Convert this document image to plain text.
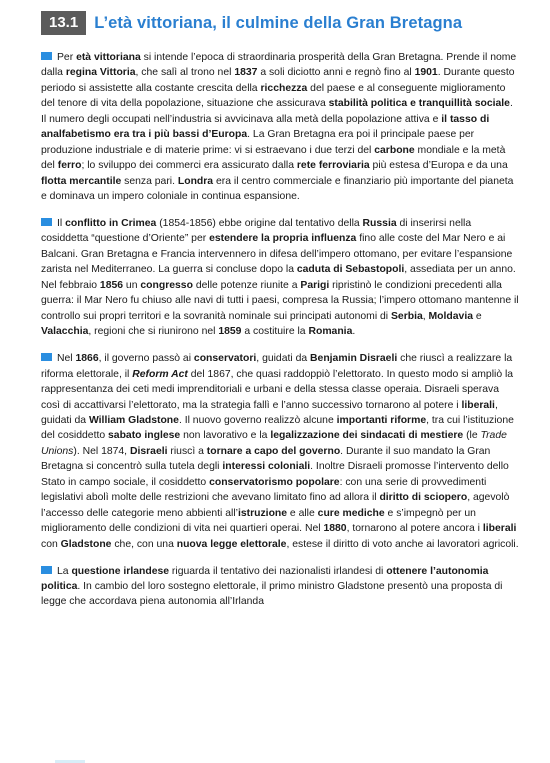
13.1 L’età vittoriana, il culmine della Gran Bretagna

Per età vittoriana si intende l’epoca di straordinaria prosperità della Gran Bretagna. Prende il nome dalla regina Vittoria, che salì al trono nel 1837 a soli diciotto anni e regnò fino al 1901. Durante questo periodo si assistette alla costante crescita della ricchezza del paese e al conseguente miglioramento del tenore di vita della popolazione, situazione che assicurava stabilità politica e tranquillità sociale. Il numero degli occupati nell’industria si avvicinava alla metà della popolazione attiva e il tasso di analfabetismo era tra i più bassi d’Europa. La Gran Bretagna era poi il principale paese per produzione industriale e di materie prime: vi si estraevano i due terzi del carbone mondiale e la metà del ferro; lo sviluppo dei commerci era assicurato dalla rete ferroviaria più estesa d’Europa e da una flotta mercantile senza pari. Londra era il centro commerciale e finanziario più importante del pianeta e dominava un impero coloniale in continua espansione.

Il conflitto in Crimea (1854-1856) ebbe origine dal tentativo della Russia di inserirsi nella cosiddetta “questione d’Oriente” per estendere la propria influenza fino alle coste del Mar Nero e ai Balcani. Gran Bretagna e Francia intervennero in difesa dell’impero ottomano, per evitare l’espansione zarista nel Mediterraneo. La guerra si concluse dopo la caduta di Sebastopoli, assediata per un anno. Nel febbraio 1856 un congresso delle potenze riunite a Parigi ripristinò le condizioni precedenti alla guerra: il Mar Nero fu chiuso alle navi di tutti i paesi, compresa la Russia; l’impero ottomano mantenne il controllo sui propri territori e la sovranità nominale sui principati autonomi di Serbia, Moldavia e Valacchia, regioni che si riunirono nel 1859 a costituire la Romania.

Nel 1866, il governo passò ai conservatori, guidati da Benjamin Disraeli che riuscì a realizzare la riforma elettorale, il Reform Act del 1867, che quasi raddoppiò l’elettorato. In questo modo si ampliò la rappresentanza dei ceti medi imprenditoriali e urbani e della stessa classe operaia. Disraeli sperava così di accattivarsi l’elettorato, ma la strategia fallì e l’anno successivo tornarono al potere i liberali, guidati da William Gladstone. Il nuovo governo realizzò alcune importanti riforme, tra cui l’istituzione del cosiddetto sabato inglese non lavorativo e la legalizzazione dei sindacati di mestiere (le Trade Unions). Nel 1874, Disraeli riuscì a tornare a capo del governo. Durante il suo mandato la Gran Bretagna si concentrò sulla tutela degli interessi coloniali. Inoltre Disraeli promosse l’intervento dello Stato in campo sociale, il cosiddetto conservatorismo popolare: con una serie di provvedimenti legislativi abolì molte delle restrizioni che avevano limitato fino ad allora il diritto di sciopero, agevolò l’accesso delle categorie meno abbienti all’istruzione e alle cure mediche e s’impegnò per un miglioramento delle condizioni di vita nei quartieri operai. Nel 1880, tornarono al potere ancora i liberali con Gladstone che, con una nuova legge elettorale, estese il diritto di voto anche ai lavoratori agricoli.

La questione irlandese riguarda il tentativo dei nazionalisti irlandesi di ottenere l’autonomia politica. In cambio del loro sostegno elettorale, il primo ministro Gladstone presentò una proposta di legge che accordava piena autonomia all’Irlanda
